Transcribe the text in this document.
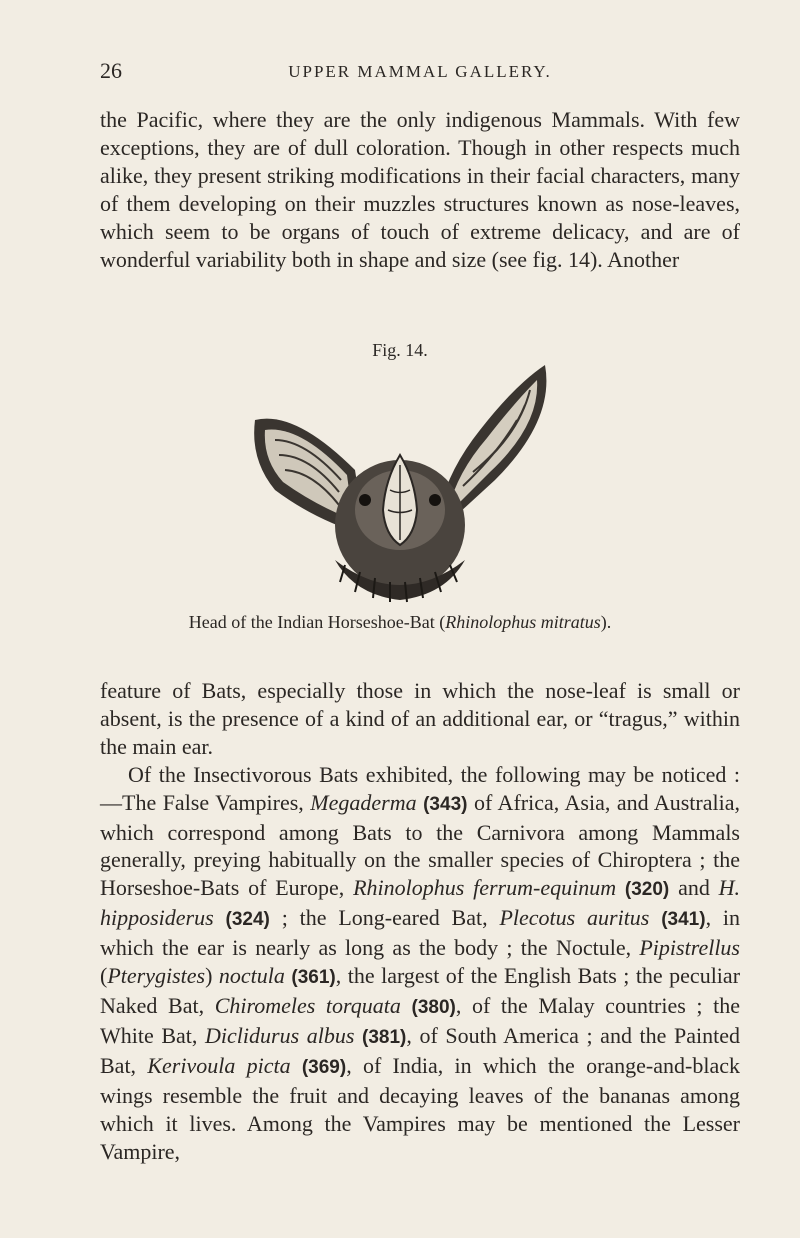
26	UPPER MAMMAL GALLERY.

the Pacific, where they are the only indigenous Mammals. With few exceptions, they are of dull coloration. Though in other respects much alike, they present striking modifications in their facial characters, many of them developing on their muzzles structures known as nose-leaves, which seem to be organs of touch of extreme delicacy, and are of wonderful variability both in shape and size (see fig. 14). Another

Fig. 14.
Head of the Indian Horseshoe-Bat (Rhinolophus mitratus).

feature of Bats, especially those in which the nose-leaf is small or absent, is the presence of a kind of an additional ear, or “tragus,” within the main ear.

Of the Insectivorous Bats exhibited, the following may be noticed :—The False Vampires, Megaderma (343) of Africa, Asia, and Australia, which correspond among Bats to the Carnivora among Mammals generally, preying habitually on the smaller species of Chiroptera ; the Horseshoe-Bats of Europe, Rhinolophus ferrum-equinum (320) and H. hipposiderus (324) ; the Long-eared Bat, Plecotus auritus (341), in which the ear is nearly as long as the body ; the Noctule, Pipistrellus (Pterygistes) noctula (361), the largest of the English Bats ; the peculiar Naked Bat, Chiromeles torquata (380), of the Malay countries ; the White Bat, Diclidurus albus (381), of South America ; and the Painted Bat, Kerivoula picta (369), of India, in which the orange-and-black wings resemble the fruit and decaying leaves of the bananas among which it lives. Among the Vampires may be mentioned the Lesser Vampire,
